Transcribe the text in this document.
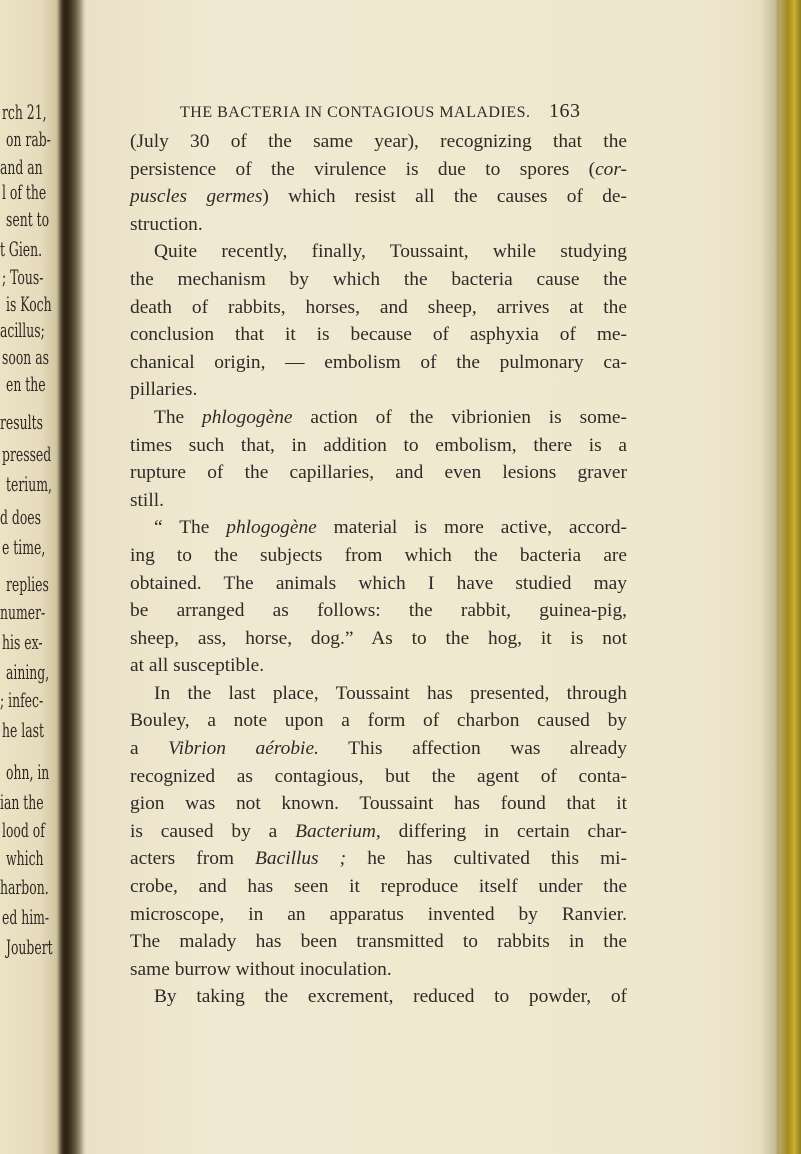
rch 21,
on rab-
and an
l of the
sent to
t Gien.
; Tous-
is Koch
acillus;
soon as
en the
results
pressed
terium,
d does
e time,
replies
numer-
his ex-
aining,
; infec-
he last
ohn, in
ian the
lood of
which
harbon.
ed him-
Joubert
THE BACTERIA IN CONTAGIOUS MALADIES. 163
(July 30 of the same year), recognizing that the
persistence of the virulence is due to spores (cor-
puscles germes) which resist all the causes of de-
struction.
Quite recently, finally, Toussaint, while studying
the mechanism by which the bacteria cause the
death of rabbits, horses, and sheep, arrives at the
conclusion that it is because of asphyxia of me-
chanical origin, — embolism of the pulmonary ca-
pillaries.
The phlogogène action of the vibrionien is some-
times such that, in addition to embolism, there is a
rupture of the capillaries, and even lesions graver
still.
“ The phlogogène material is more active, accord-
ing to the subjects from which the bacteria are
obtained. The animals which I have studied may
be arranged as follows: the rabbit, guinea-pig,
sheep, ass, horse, dog.” As to the hog, it is not
at all susceptible.
In the last place, Toussaint has presented, through
Bouley, a note upon a form of charbon caused by
a Vibrion aérobie. This affection was already
recognized as contagious, but the agent of conta-
gion was not known. Toussaint has found that it
is caused by a Bacterium, differing in certain char-
acters from Bacillus ; he has cultivated this mi-
crobe, and has seen it reproduce itself under the
microscope, in an apparatus invented by Ranvier.
The malady has been transmitted to rabbits in the
same burrow without inoculation.
By taking the excrement, reduced to powder, of
